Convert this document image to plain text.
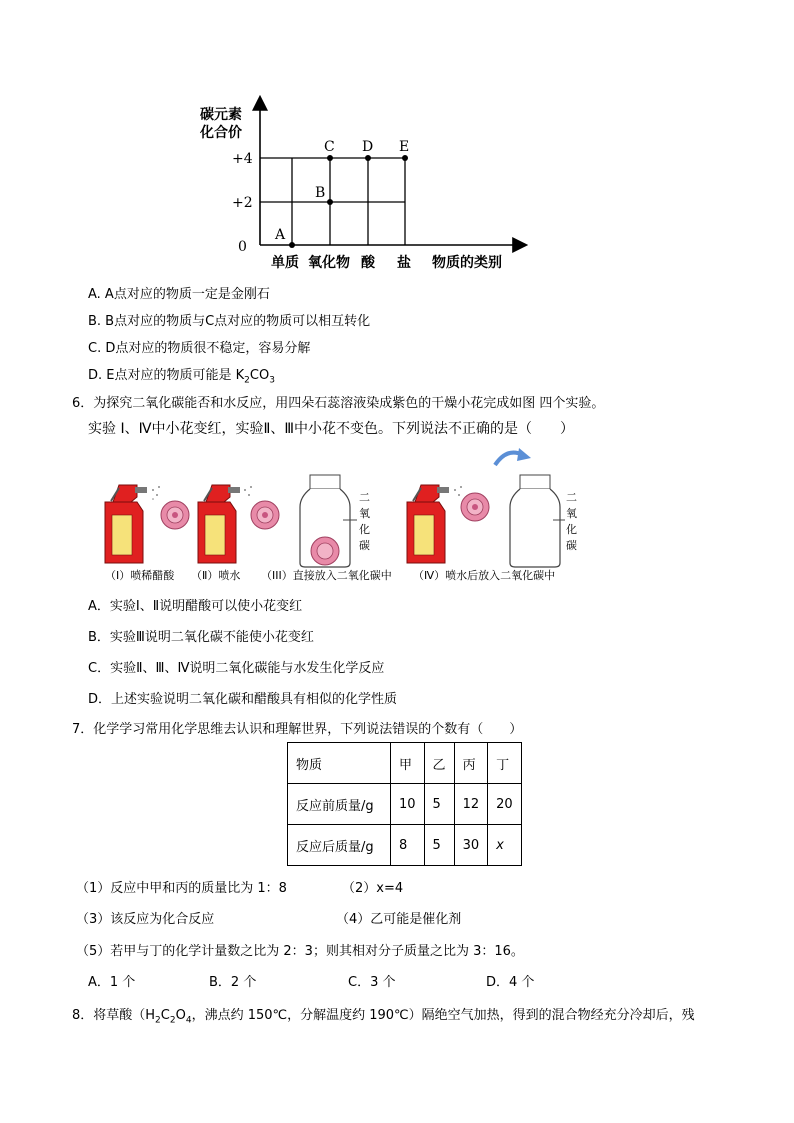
碳元素
化合价
+4
+2
0
单质 氧化物 酸 盐 物质的类别
A
B
C D E
A. A点对应的物质一定是金刚石
B. B点对应的物质与C点对应的物质可以相互转化
C. D点对应的物质很不稳定，容易分解
D. E点对应的物质可能是 $K_2CO_3$
6．为探究二氧化碳能否和水反应，用四朵石蕊溶液染成紫色的干燥小花完成如图 四个实验。
实验 I、Ⅳ中小花变红，实验Ⅱ、Ⅲ中小花不变色。下列说法不正确的是（　　）
二
氧
化
碳
二
氧
化
碳
（I）喷稀醋酸 （Ⅱ）喷水 （III）直接放入二氧化碳中 （Ⅳ）喷水后放入二氧化碳中
A．实验Ⅰ、Ⅱ说明醋酸可以使小花变红
B．实验Ⅲ说明二氧化碳不能使小花变红
C．实验Ⅱ、Ⅲ、Ⅳ说明二氧化碳能与水发生化学反应
D．上述实验说明二氧化碳和醋酸具有相似的化学性质
7．化学学习常用化学思维去认识和理解世界，下列说法错误的个数有（　　）
物质	甲	乙	丙	丁
反应前质量/g	10	5	12	20
反应后质量/g	8	5	30	x
（1）反应中甲和丙的质量比为 1：8	（2）x=4
（3）该反应为化合反应	（4）乙可能是催化剂
（5）若甲与丁的化学计量数之比为 2：3；则其相对分子质量之比为 3：16。
A．1 个	B．2 个	C．3 个	D．4 个
8．将草酸（$H_2C_2O_4$，沸点约 150℃，分解温度约 190℃）隔绝空气加热，得到的混合物经充分冷却后，残
